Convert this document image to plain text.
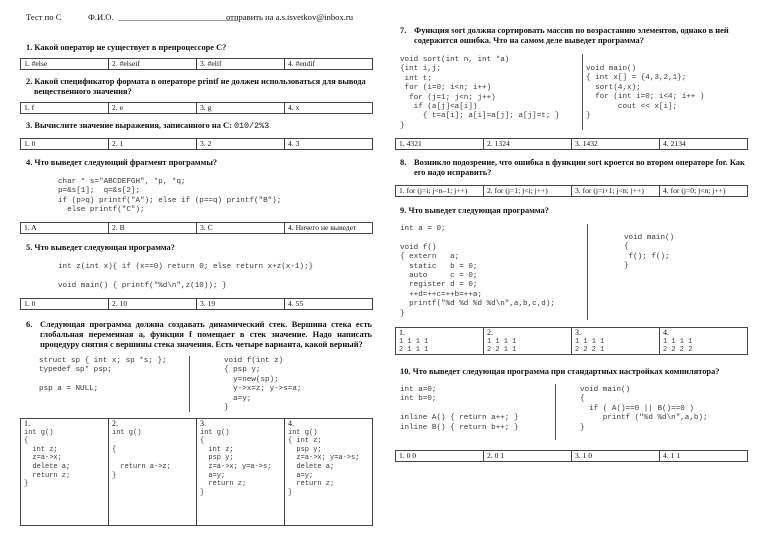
Тест по С	Ф.И.О. ____________________________
отправить на a.s.tsvetkov@inbox.ru
1. Какой оператор не существует в препроцессоре С?
1. #else	2. #elseif	3. #elif	4. #endif
2. Какой спецификатор формата в операторе printf не должен использоваться для вывода
вещественного значения?
1. f	2. e	3. g	4. x
3. Вычислите значение выражения, записанного на С: 010/2%3
1. 0	2. 1	3. 2	4. 3
4. Что выведет следующий фрагмент программы?
char * s="ABCDEFGH", *p, *q;
p=&s[1];  q=&s[2];
if (p>q) printf("A"); else if (p==q) printf("B");
else printf("C");
1. A	2. B	3. C	4. Ничего не выведет
5. Что выведет следующая программа?
int z(int x){ if (x==0) return 0; else return x+z(x-1);}
void main() { printf("%d\n",z(10)); }
1. 0	2. 10	3. 19	4. 55
6. Следующая программа должна создавать динамический стек. Вершина стека есть глобальная переменная a, функция f помещает в стек значение. Надо написать процедуру снятия с вершины стека значения. Есть четыре варианта, какой верный?
struct sp { int x; sp *s; };
typedef sp* psp;

psp a = NULL;
void f(int z)
{ psp y;
y=new(sp);
y->x=z; y->s=a;
a=y;
}
1.
int g()
{
int z;
z=a->x;
delete a;
return z;
}
2.
int g()

{

return a->z;
}
3.
int g()
{
int z;
psp y;
z=a->x; y=a->s;
a=y;
return z;
}
4.
int g()
{ int z;
psp y;
z=a->x; y=a->s;
delete a;
a=y;
return z;
}
7. Функция sort должна сортировать массив по возрастанию элементов, однако в ней
содержится ошибка. Что на самом деле выведет программа?
void sort(int n, int *a)
{int i,j;
int t;
for (i=0; i<n; i++)
for (j=1; j<n; j++)
if (a[j]<a[i])
{ t=a[i]; a[i]=a[j]; a[j]=t; }
}
void main()
{ int x[] = {4,3,2,1};
sort(4,x);
for (int i=0; i<4; i++ )
cout << x[i];
}
1. 4321	2. 1324	3. 1432	4. 2134
8. Возникло подозрение, что ошибка в функции sort кроется во втором операторе for. Как
его надо исправить?
1. for (j=i; j<n–1; j++)	2. for (j=1; j<i; j++)	3. for (j=i+1; j<n; j++)	4. for (j=0; j<n; j++)
9. Что выведет следующая программа?
int a = 0;

void f()
{ extern   a;
static   b = 0;
auto     c = 0;
register d = 0;
++d=++c=++b=++a;
printf("%d %d %d %d\n",a,b,c,d);
}
void main()
{
f(); f();
}
1.
1 1 1 1
2 1 1 1
2.
1 1 1 1
2 2 1 1
3.
1 1 1 1
2 2 2 1
4.
1 1 1 1
2 2 2 2
10. Что выведет следующая программа при стандартных настройках компилятора?
int a=0;
int b=0;

inline A() { return a++; }
inline B() { return b++; }
void main()
{
if ( A()==0 || B()==0 )
printf ("%d %d\n",a,b);
}
1. 0 0	2. 0 1	3. 1 0	4. 1 1
